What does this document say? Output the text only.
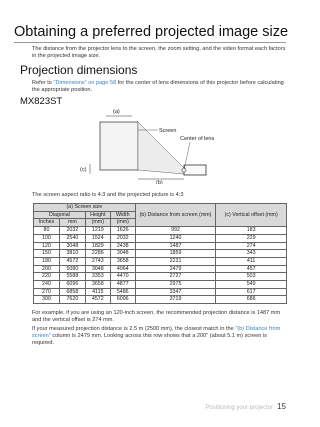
Obtaining a preferred projected image size
The distance from the projector lens to the screen, the zoom setting, and the video format each factors in the projected image size.
Projection dimensions
Refer to "Dimensions" on page 58 for the center of lens dimensions of this projector before calculating the appropriate position.
MX823ST
(a)
(b)
(c)
Screen
Center of lens
The screen aspect ratio is 4:3 and the projected picture is 4:3
(a) Screen size				(b) Distance from screen (mm)	(c) Vertical offset (mm)
Diagonal		Height	Width		
Inches	mm	(mm)	(mm)		
80	2032	1219	1626	992	183
100	2540	1524	2032	1240	229
120	3048	1829	2438	1487	274
150	3810	2286	3048	1859	343
180	4572	2743	3658	2231	411
200	5080	3048	4064	2479	457
220	5588	3353	4470	2727	503
240	6096	3658	4877	2975	549
270	6858	4115	5486	3347	617
300	7620	4572	6096	3719	686
For example, if you are using an 120-inch screen, the recommended projection distance is 1487 mm and the vertical offset is 274 mm.
If your measured projection distance is 2.5 m (2500 mm), the closest match in the "(b) Distance from screen" column is 2479 mm. Looking across this row shows that a 200" (about 5.1 m) screen is required.
Positioning your projector 15
